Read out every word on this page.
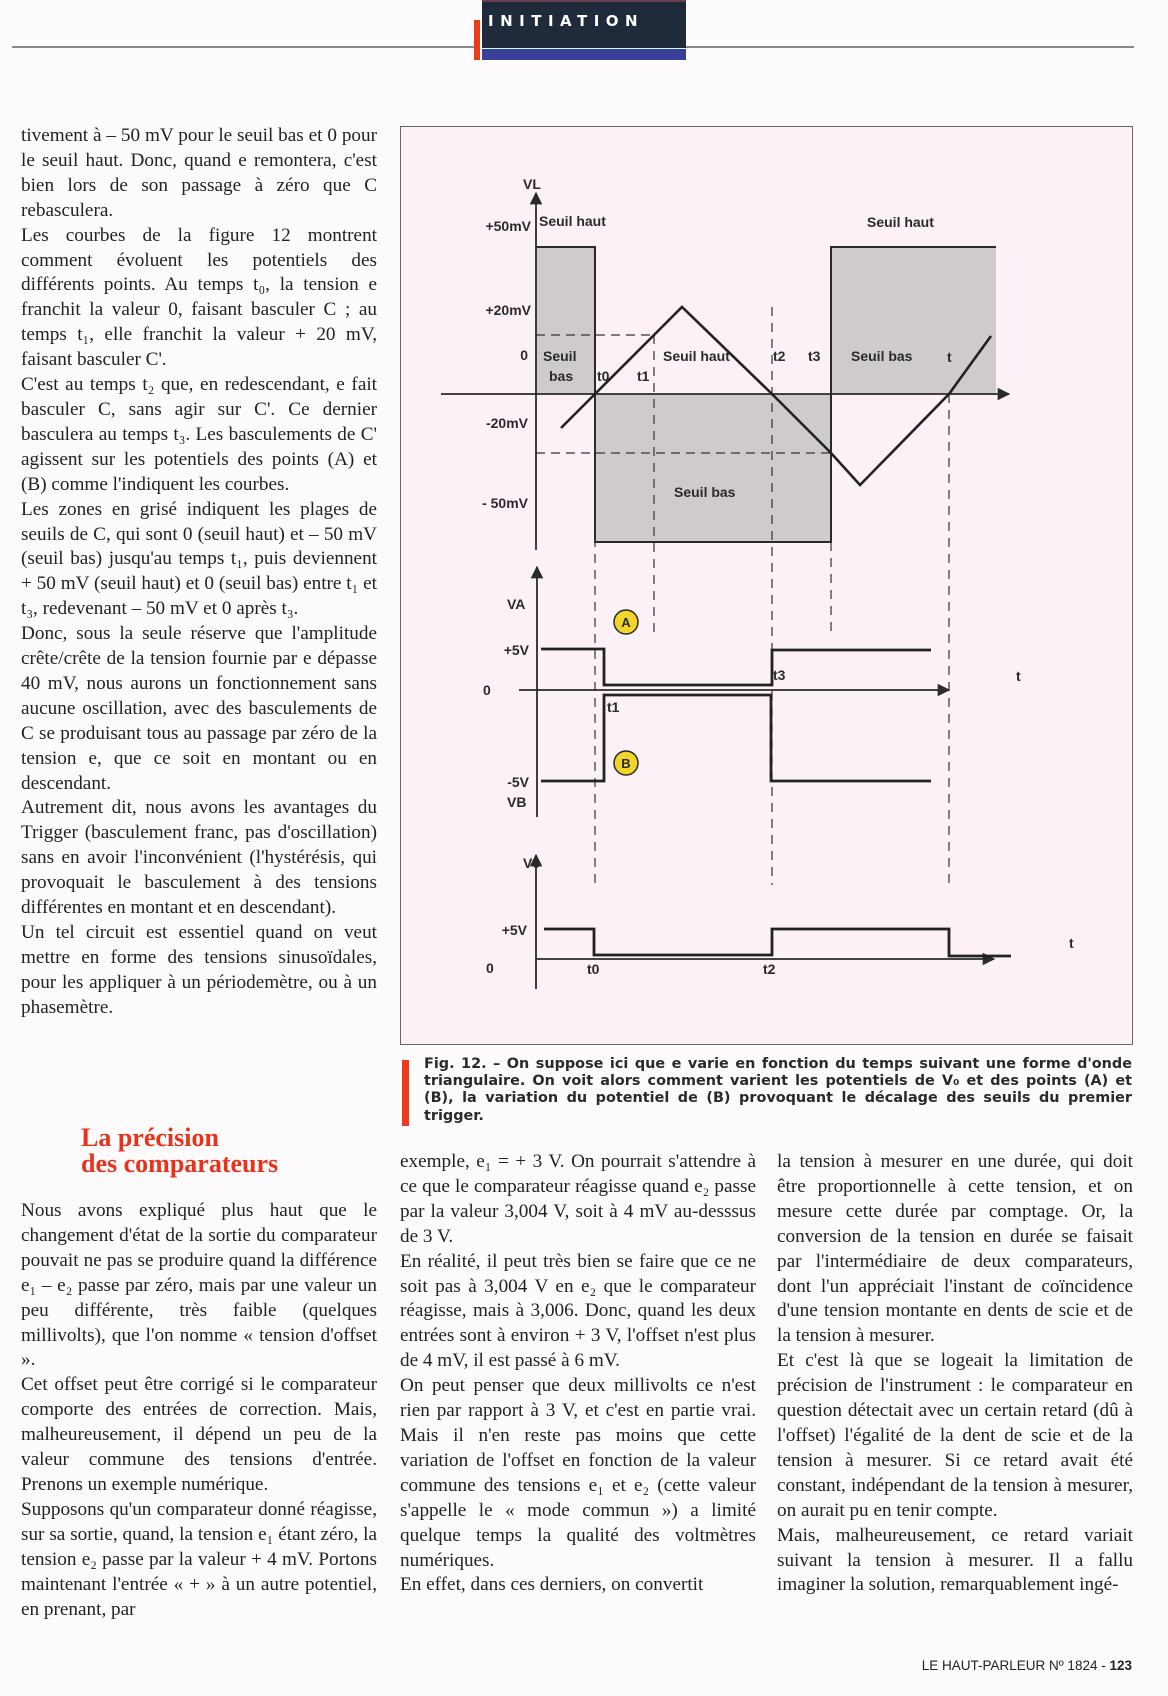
INITIATION

tivement à – 50 mV pour le seuil bas et 0 pour le seuil haut. Donc, quand e remontera, c'est bien lors de son passage à zéro que C rebasculera.

Les courbes de la figure 12 montrent comment évoluent les potentiels des différents points. Au temps t₀, la tension e franchit la valeur 0, faisant basculer C ; au temps t₁, elle franchit la valeur + 20 mV, faisant basculer C'.

C'est au temps t₂ que, en redescendant, e fait basculer C, sans agir sur C'. Ce dernier basculera au temps t₃. Les basculements de C' agissent sur les potentiels des points (A) et (B) comme l'indiquent les courbes.

Les zones en grisé indiquent les plages de seuils de C, qui sont 0 (seuil haut) et – 50 mV (seuil bas) jusqu'au temps t₁, puis deviennent + 50 mV (seuil haut) et 0 (seuil bas) entre t₁ et t₃, redevenant – 50 mV et 0 après t₃.

Donc, sous la seule réserve que l'amplitude crête/crête de la tension fournie par e dépasse 40 mV, nous aurons un fonctionnement sans aucune oscillation, avec des basculements de C se produisant tous au passage par zéro de la tension e, que ce soit en montant ou en descendant.

Autrement dit, nous avons les avantages du Trigger (basculement franc, pas d'oscillation) sans en avoir l'inconvénient (l'hystérésis, qui provoquait le basculement à des tensions différentes en montant et en descendant).

Un tel circuit est essentiel quand on veut mettre en forme des tensions sinusoïdales, pour les appliquer à un périodemètre, ou à un phasemètre.

La précision
des comparateurs

Nous avons expliqué plus haut que le changement d'état de la sortie du comparateur pouvait ne pas se produire quand la différence e₁ – e₂ passe par zéro, mais par une valeur un peu différente, très faible (quelques millivolts), que l'on nomme « tension d'offset ».

Cet offset peut être corrigé si le comparateur comporte des entrées de correction. Mais, malheureusement, il dépend un peu de la valeur commune des tensions d'entrée. Prenons un exemple numérique.

Supposons qu'un comparateur donné réagisse, sur sa sortie, quand, la tension e₁ étant zéro, la tension e₂ passe par la valeur + 4 mV. Portons maintenant l'entrée « + » à un autre potentiel, en prenant, par

exemple, e₁ = + 3 V. On pourrait s'attendre à ce que le comparateur réagisse quand e₂ passe par la valeur 3,004 V, soit à 4 mV au-desssus de 3 V.

En réalité, il peut très bien se faire que ce ne soit pas à 3,004 V en e₂ que le comparateur réagisse, mais à 3,006. Donc, quand les deux entrées sont à environ + 3 V, l'offset n'est plus de 4 mV, il est passé à 6 mV.

On peut penser que deux millivolts ce n'est rien par rapport à 3 V, et c'est en partie vrai. Mais il n'en reste pas moins que cette variation de l'offset en fonction de la valeur commune des tensions e₁ et e₂ (cette valeur s'appelle le « mode commun ») a limité quelque temps la qualité des voltmètres numériques.

En effet, dans ces derniers, on convertit

la tension à mesurer en une durée, qui doit être proportionnelle à cette tension, et on mesure cette durée par comptage. Or, la conversion de la tension en durée se faisait par l'intermédiaire de deux comparateurs, dont l'un appréciait l'instant de coïncidence d'une tension montante en dents de scie et de la tension à mesurer.

Et c'est là que se logeait la limitation de précision de l'instrument : le comparateur en question détectait avec un certain retard (dû à l'offset) l'égalité de la dent de scie et de la tension à mesurer. Si ce retard avait été constant, indépendant de la tension à mesurer, on aurait pu en tenir compte.

Mais, malheureusement, ce retard variait suivant la tension à mesurer. Il a fallu imaginer la solution, remarquablement ingé-

VL
+50mV
+20mV
0
-20mV
- 50mV
t
Seuil haut
Seuil
bas
Seuil haut
Seuil bas
Seuil haut
Seuil bas
t0 t1
t2 t3
VA
VB
+5V
0
-5V
t
t1
t3
A
B
V0
+5V
0
t
t0	t2
Fig. 12. – On suppose ici que e varie en fonction du temps suivant une forme d'onde triangulaire. On voit alors comment varient les potentiels de V₀ et des points (A) et (B), la variation du potentiel de (B) provoquant le décalage des seuils du premier trigger.
LE HAUT-PARLEUR Nº 1824 - 123
